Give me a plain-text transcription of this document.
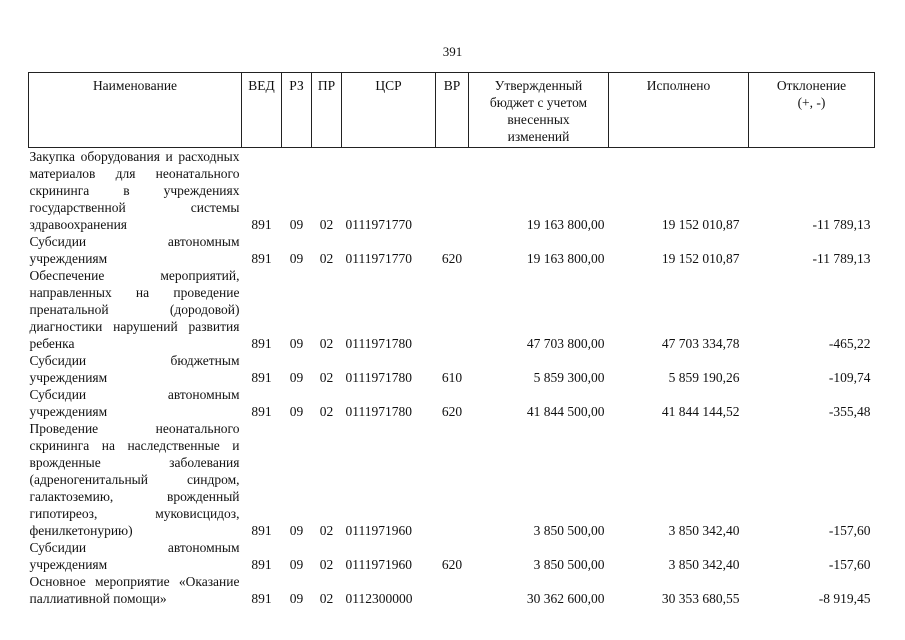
391
Наименование	ВЕД	РЗ	ПР	ЦСР	ВР	Утвержденный бюджет с учетом внесенных изменений	Исполнено	Отклонение (+, -)
Закупка оборудования и расходных материалов для неонатального скрининга в учреждениях государственной системы здравоохранения	891	09	02	0111971770		19 163 800,00	19 152 010,87	-11 789,13
Субсидии автономным учреждениям	891	09	02	0111971770	620	19 163 800,00	19 152 010,87	-11 789,13
Обеспечение мероприятий, направленных на проведение пренатальной (дородовой) диагностики нарушений развития ребенка	891	09	02	0111971780		47 703 800,00	47 703 334,78	-465,22
Субсидии бюджетным учреждениям	891	09	02	0111971780	610	5 859 300,00	5 859 190,26	-109,74
Субсидии автономным учреждениям	891	09	02	0111971780	620	41 844 500,00	41 844 144,52	-355,48
Проведение неонатального скрининга на наследственные и врожденные заболевания (адреногенитальный синдром, галактоземию, врожденный гипотиреоз, муковисцидоз, фенилкетонурию)	891	09	02	0111971960		3 850 500,00	3 850 342,40	-157,60
Субсидии автономным учреждениям	891	09	02	0111971960	620	3 850 500,00	3 850 342,40	-157,60
Основное мероприятие «Оказание паллиативной помощи»	891	09	02	0112300000		30 362 600,00	30 353 680,55	-8 919,45
